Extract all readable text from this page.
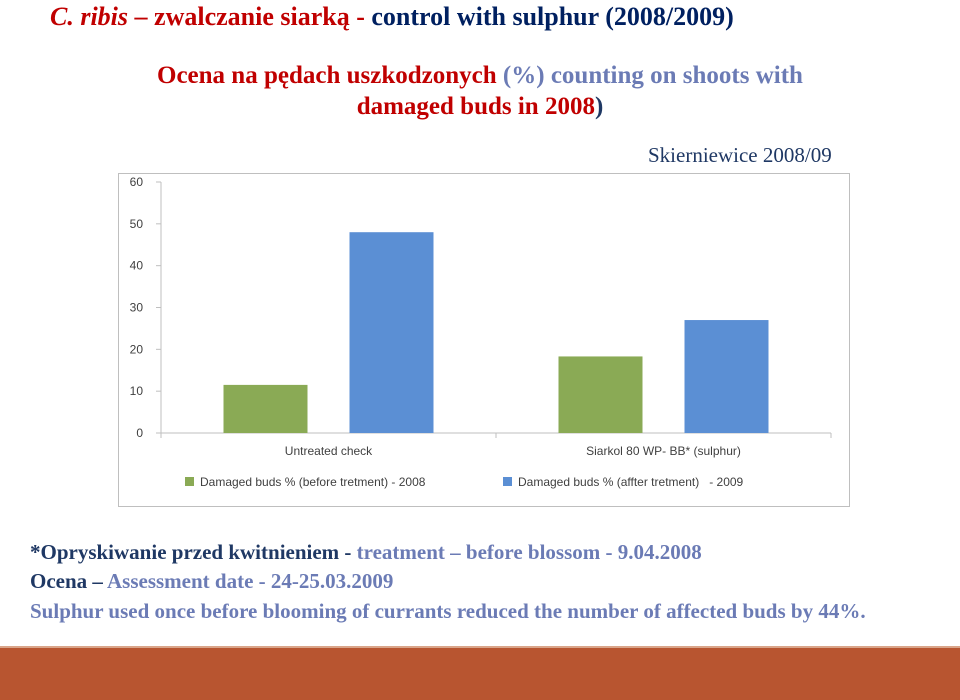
C. ribis – zwalczanie siarką - control with sulphur (2008/2009)
Ocena na pędach uszkodzonych (%) counting on shoots with
damaged buds in 2008)
Skierniewice 2008/09
0
10
20
30
40
50
60
Untreated check	Siarkol 80 WP- BB* (sulphur)
Damaged buds % (before tretment) - 2008	Damaged buds % (affter tretment)   - 2009
*Opryskiwanie przed kwitnieniem - treatment – before blossom - 9.04.2008
Ocena – Assessment date - 24-25.03.2009
Sulphur used once before blooming of currants reduced the number of affected buds by 44%.
